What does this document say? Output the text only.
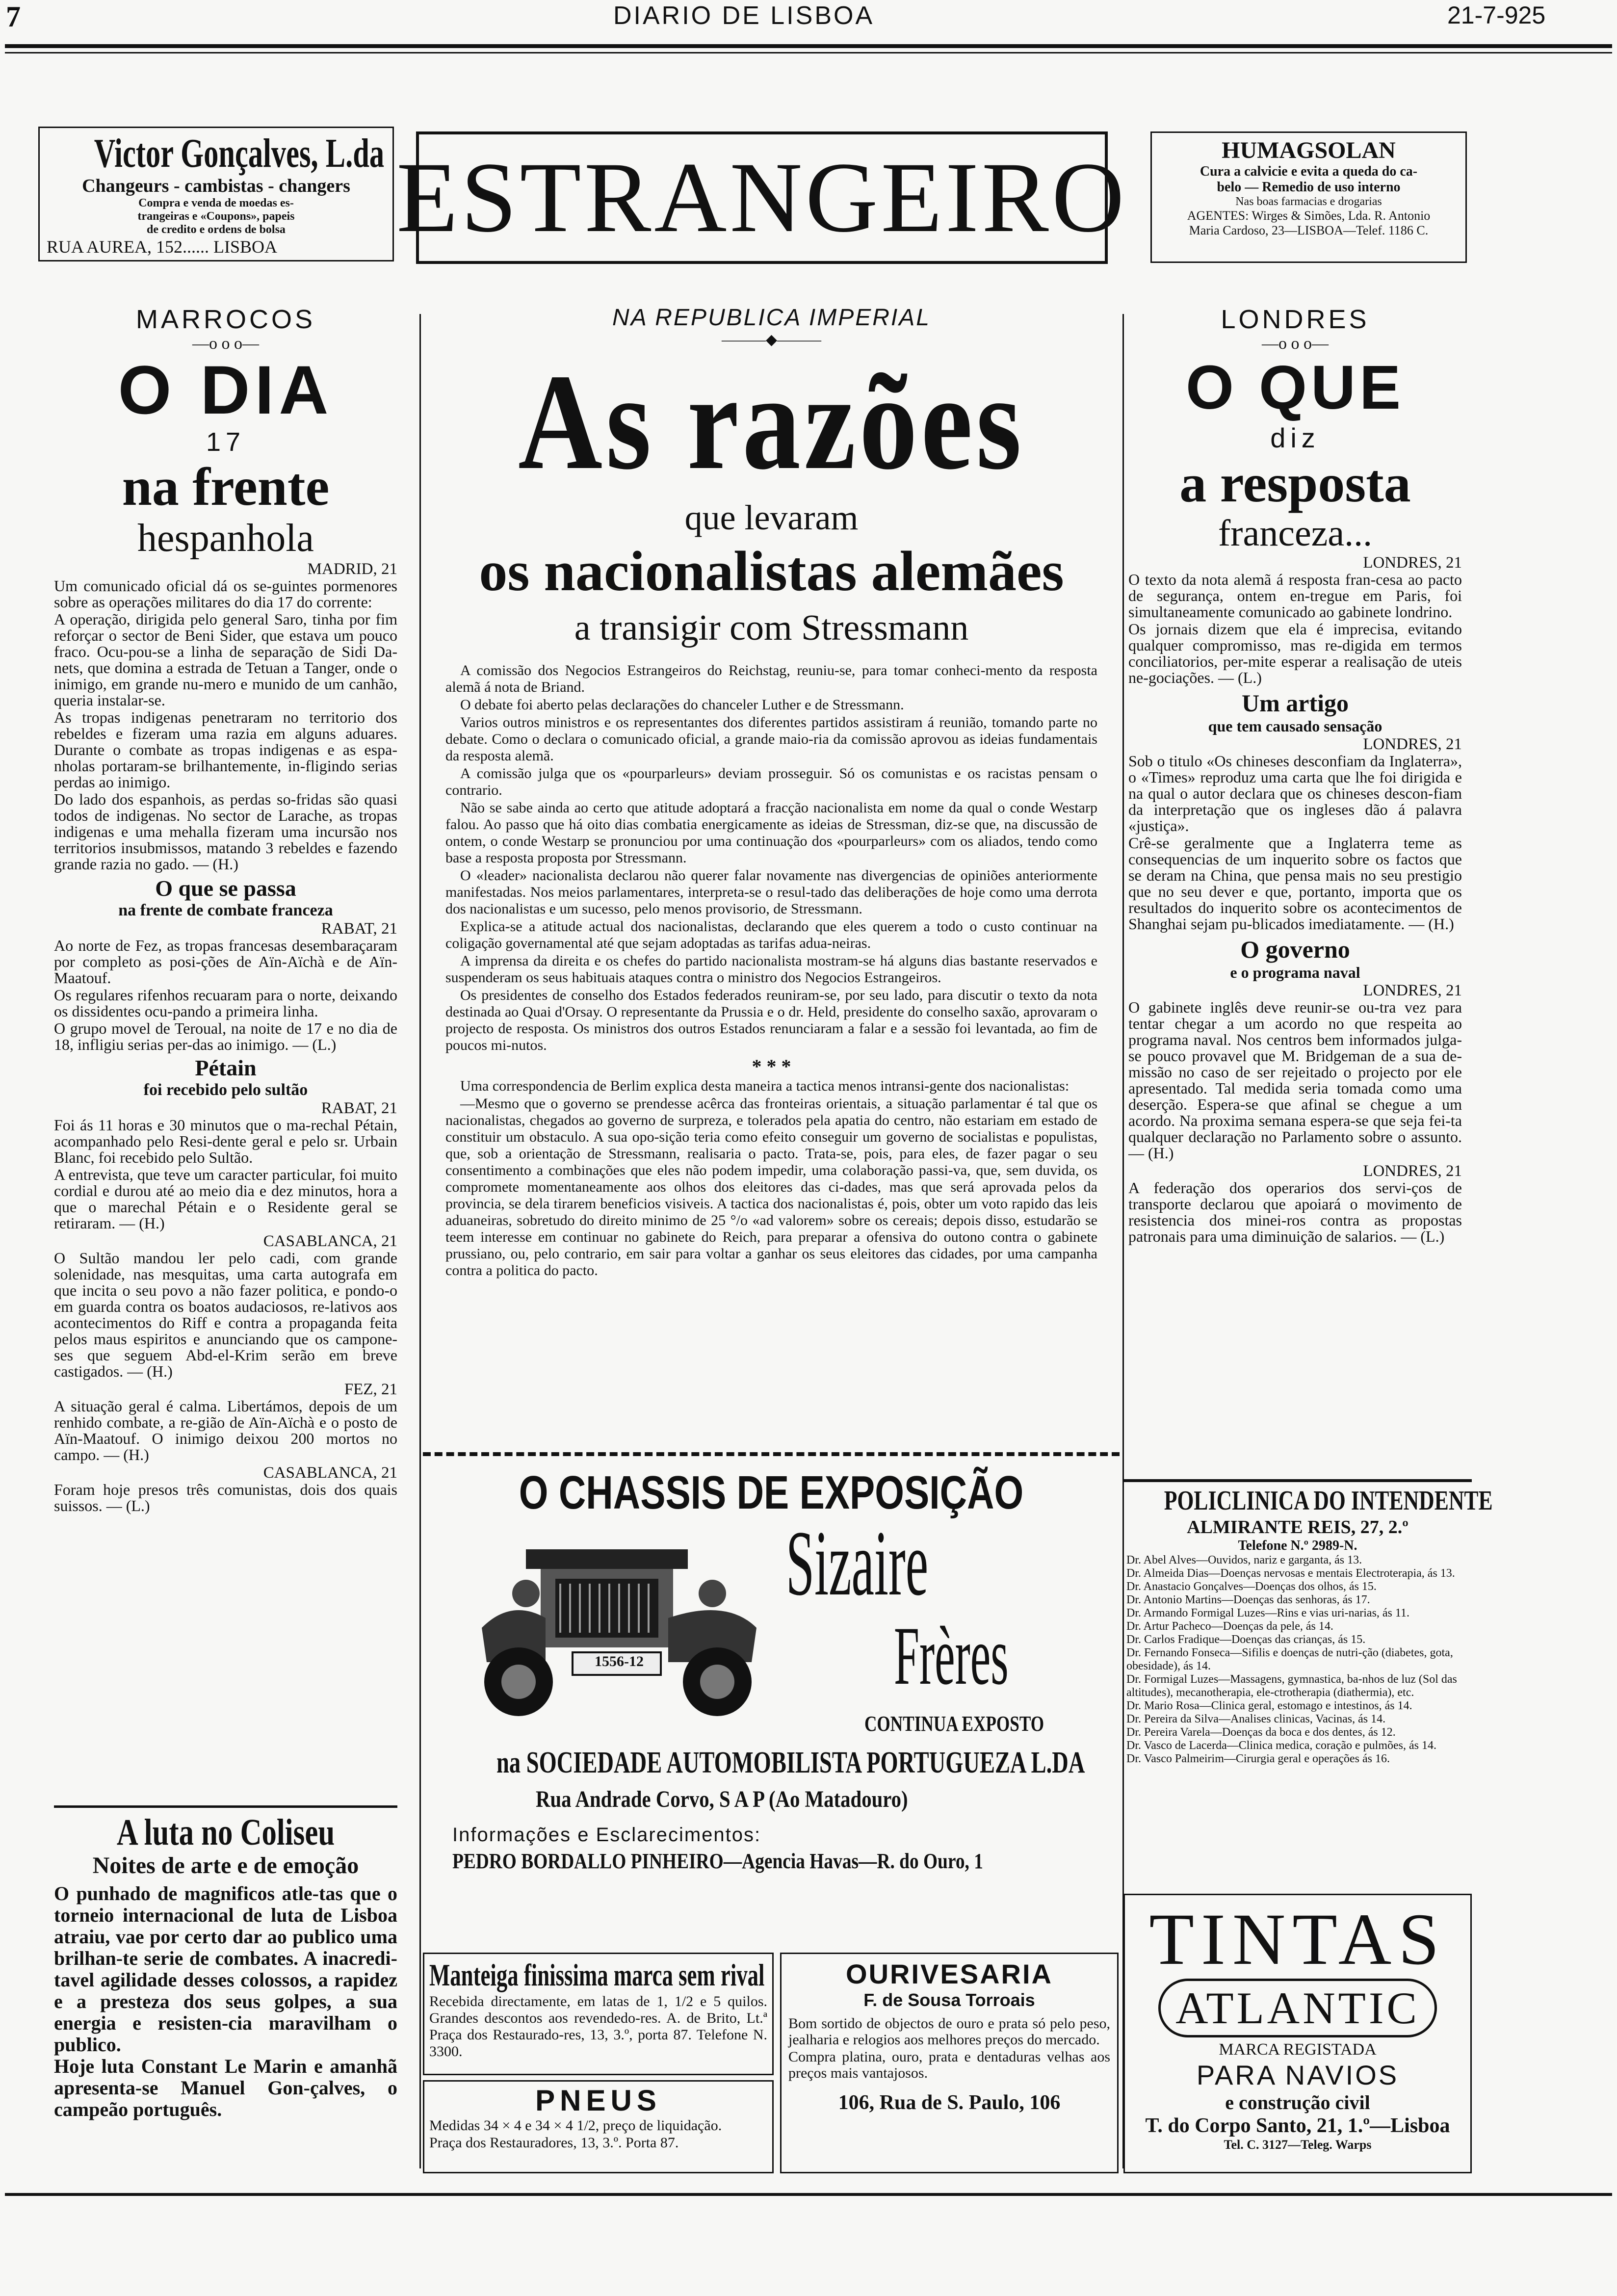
7	DIARIO DE LISBOA	21-7-925
Victor Gonçalves, L.da
Changeurs - cambistas - changers
Compra e venda de moedas es-
trangeiras e «Coupons», papeis
de credito e ordens de bolsa
RUA AUREA, 152...... LISBOA	ESTRANGEIRO	HUMAGSOLAN
Cura a calvicie e evita a queda do ca-
belo — Remedio de uso interno
Nas boas farmacias e drogarias
AGENTES: Wirges & Simões, Lda. R. Antonio
Maria Cardoso, 23—LISBOA—Telef. 1186 C.
MARROCOS
—o o o—
O DIA
17
na frente
hespanhola
MADRID, 21

Um comunicado oficial dá os se-guintes pormenores sobre as operações militares do dia 17 do corrente:

A operação, dirigida pelo general Saro, tinha por fim reforçar o sector de Beni Sider, que estava um pouco fraco. Ocu-pou-se a linha de separação de Sidi Da-nets, que domina a estrada de Tetuan a Tanger, onde o inimigo, em grande nu-mero e munido de um canhão, queria instalar-se.

As tropas indigenas penetraram no territorio dos rebeldes e fizeram uma razia em alguns aduares. Durante o combate as tropas indigenas e as espa-nholas portaram-se brilhantemente, in-fligindo serias perdas ao inimigo.

Do lado dos espanhois, as perdas so-fridas são quasi todos de indigenas. No sector de Larache, as tropas indigenas e uma mehalla fizeram uma incursão nos territorios insubmissos, matando 3 rebeldes e fazendo grande razia no gado. — (H.)

O que se passa
na frente de combate franceza
RABAT, 21

Ao norte de Fez, as tropas francesas desembaraçaram por completo as posi-ções de Aïn-Aïchà e de Aïn-Maatouf.

Os regulares rifenhos recuaram para o norte, deixando os dissidentes ocu-pando a primeira linha.

O grupo movel de Teroual, na noite de 17 e no dia de 18, infligiu serias per-das ao inimigo. — (L.)

Pétain
foi recebido pelo sultão
RABAT, 21

Foi ás 11 horas e 30 minutos que o ma-rechal Pétain, acompanhado pelo Resi-dente geral e pelo sr. Urbain Blanc, foi recebido pelo Sultão.

A entrevista, que teve um caracter particular, foi muito cordial e durou até ao meio dia e dez minutos, hora a que o marechal Pétain e o Residente geral se retiraram. — (H.)

CASABLANCA, 21

O Sultão mandou ler pelo cadi, com grande solenidade, nas mesquitas, uma carta autografa em que incita o seu povo a não fazer politica, e pondo-o em guarda contra os boatos audaciosos, re-lativos aos acontecimentos do Riff e contra a propaganda feita pelos maus espiritos e anunciando que os campone-ses que seguem Abd-el-Krim serão em breve castigados. — (H.)

FEZ, 21

A situação geral é calma. Libertámos, depois de um renhido combate, a re-gião de Aïn-Aïchà e o posto de Aïn-Maatouf. O inimigo deixou 200 mortos no campo. — (H.)

CASABLANCA, 21

Foram hoje presos três comunistas, dois dos quais suissos. — (L.)

A luta no Coliseu
Noites de arte e de emoção

O punhado de magnificos atle-tas que o torneio internacional de luta de Lisboa atraiu, vae por certo dar ao publico uma brilhan-te serie de combates. A inacredi-tavel agilidade desses colossos, a rapidez e a presteza dos seus golpes, a sua energia e resisten-cia maravilham o publico.

Hoje luta Constant Le Marin e amanhã apresenta-se Manuel Gon-çalves, o campeão português.

NA REPUBLICA IMPERIAL
———◆———
As razões
que levaram
os nacionalistas alemães
a transigir com Stressmann

A comissão dos Negocios Estrangeiros do Reichstag, reuniu-se, para tomar conheci-mento da resposta alemã á nota de Briand.

O debate foi aberto pelas declarações do chanceler Luther e de Stressmann.

Varios outros ministros e os representantes dos diferentes partidos assistiram á reunião, tomando parte no debate. Como o declara o comunicado oficial, a grande maio-ria da comissão aprovou as ideias fundamentais da resposta alemã.

A comissão julga que os «pourparleurs» deviam prosseguir. Só os comunistas e os racistas pensam o contrario.

Não se sabe ainda ao certo que atitude adoptará a fracção nacionalista em nome da qual o conde Westarp falou. Ao passo que há oito dias combatia energicamente as ideias de Stressman, diz-se que, na discussão de ontem, o conde Westarp se pronunciou por uma continuação dos «pourparleurs» com os aliados, tendo como base a resposta proposta por Stressmann.

O «leader» nacionalista declarou não querer falar novamente nas divergencias de opiniões anteriormente manifestadas. Nos meios parlamentares, interpreta-se o resul-tado das deliberações de hoje como uma derrota dos nacionalistas e um sucesso, pelo menos provisorio, de Stressmann.

Explica-se a atitude actual dos nacionalistas, declarando que eles querem a todo o custo continuar na coligação governamental até que sejam adoptadas as tarifas adua-neiras.

A imprensa da direita e os chefes do partido nacionalista mostram-se há alguns dias bastante reservados e suspenderam os seus habituais ataques contra o ministro dos Negocios Estrangeiros.

Os presidentes de conselho dos Estados federados reuniram-se, por seu lado, para discutir o texto da nota destinada ao Quai d'Orsay. O representante da Prussia e o dr. Held, presidente do conselho saxão, aprovaram o projecto de resposta. Os ministros dos outros Estados renunciaram a falar e a sessão foi levantada, ao fim de poucos mi-nutos.

* * *

Uma correspondencia de Berlim explica desta maneira a tactica menos intransi-gente dos nacionalistas:

—Mesmo que o governo se prendesse acêrca das fronteiras orientais, a situação parlamentar é tal que os nacionalistas, chegados ao governo de surpreza, e tolerados pela apatia do centro, não estariam em estado de constituir um obstaculo. A sua opo-sição teria como efeito conseguir um governo de socialistas e populistas, que, sob a orientação de Stressmann, realisaria o pacto. Trata-se, pois, para eles, de fazer pagar o seu consentimento a combinações que eles não podem impedir, uma colaboração passi-va, que, sem duvida, os compromete momentaneamente aos olhos dos eleitores das ci-dades, mas que será aprovada pelos da provincia, se dela tirarem beneficios visiveis. A tactica dos nacionalistas é, pois, obter um voto rapido das leis aduaneiras, sobretudo do direito minimo de 25 °/o «ad valorem» sobre os cereais; depois disso, estudarão se teem interesse em continuar no gabinete do Reich, para preparar a ofensiva do outono contra o gabinete prussiano, ou, pelo contrario, em sair para voltar a ganhar os seus eleitores das cidades, por uma campanha contra a politica do pacto.

O CHASSIS DE EXPOSIÇÃO
1556-12
Sizaire
Frères
CONTINUA EXPOSTO
na SOCIEDADE AUTOMOBILISTA PORTUGUEZA L.DA
Rua Andrade Corvo, S A P (Ao Matadouro)
Informações e Esclarecimentos:
PEDRO BORDALLO PINHEIRO—Agencia Havas—R. do Ouro, 1
Manteiga finissima marca sem rival

Recebida directamente, em latas de 1, 1/2 e 5 quilos. Grandes descontos aos revendedo-res. A. de Brito, Lt.ª Praça dos Restaurado-res, 13, 3.º, porta 87. Telefone N. 3300.

PNEUS

Medidas 34 × 4 e 34 × 4 1/2, preço de liquidação.

Praça dos Restauradores, 13, 3.º. Porta 87.

OURIVESARIA
F. de Sousa Torroais

Bom sortido de objectos de ouro e prata só pelo peso, jealharia e relogios aos melhores preços do mercado.

Compra platina, ouro, prata e dentaduras velhas aos preços mais vantajosos.

106, Rua de S. Paulo, 106
LONDRES
—o o o—
O QUE
diz
a resposta
franceza...
LONDRES, 21

O texto da nota alemã á resposta fran-cesa ao pacto de segurança, ontem en-tregue em Paris, foi simultaneamente comunicado ao gabinete londrino.

Os jornais dizem que ela é imprecisa, evitando qualquer compromisso, mas re-digida em termos conciliatorios, per-mite esperar a realisação de uteis ne-gociações. — (L.)

Um artigo
que tem causado sensação
LONDRES, 21

Sob o titulo «Os chineses desconfiam da Inglaterra», o «Times» reproduz uma carta que lhe foi dirigida e na qual o autor declara que os chineses descon-fiam da interpretação que os ingleses dão á palavra «justiça».

Crê-se geralmente que a Inglaterra teme as consequencias de um inquerito sobre os factos que se deram na China, que pensa mais no seu prestigio que no seu dever e que, portanto, importa que os resultados do inquerito sobre os acontecimentos de Shanghai sejam pu-blicados imediatamente. — (H.)

O governo
e o programa naval
LONDRES, 21

O gabinete inglês deve reunir-se ou-tra vez para tentar chegar a um acordo no que respeita ao programa naval. Nos centros bem informados julga-se pouco provavel que M. Bridgeman de a sua de-missão no caso de ser rejeitado o projecto por ele apresentado. Tal medida seria tomada como uma deserção. Espera-se que afinal se chegue a um acordo. Na proxima semana espera-se que seja fei-ta qualquer declaração no Parlamento sobre o assunto. — (H.)

LONDRES, 21

A federação dos operarios dos servi-ços de transporte declarou que apoiará o movimento de resistencia dos minei-ros contra as propostas patronais para uma diminuição de salarios. — (L.)

POLICLINICA DO INTENDENTE
ALMIRANTE REIS, 27, 2.º
Telefone N.º 2989-N.
Dr. Abel Alves—Ouvidos, nariz e garganta, ás 13.
Dr. Almeida Dias—Doenças nervosas e mentais Electroterapia, ás 13.
Dr. Anastacio Gonçalves—Doenças dos olhos, ás 15.
Dr. Antonio Martins—Doenças das senhoras, ás 17.
Dr. Armando Formigal Luzes—Rins e vias uri-narias, ás 11.
Dr. Artur Pacheco—Doenças da pele, ás 14.
Dr. Carlos Fradique—Doenças das crianças, ás 15.
Dr. Fernando Fonseca—Sifilis e doenças de nutri-ção (diabetes, gota, obesidade), ás 14.
Dr. Formigal Luzes—Massagens, gymnastica, ba-nhos de luz (Sol das altitudes), mecanotherapia, ele-ctrotherapia (diathermia), etc.
Dr. Mario Rosa—Clinica geral, estomago e intestinos, ás 14.
Dr. Pereira da Silva—Analises clinicas, Vacinas, ás 14.
Dr. Pereira Varela—Doenças da boca e dos dentes, ás 12.
Dr. Vasco de Lacerda—Clinica medica, coração e pulmões, ás 14.
Dr. Vasco Palmeirim—Cirurgia geral e operações ás 16.
TINTAS
ATLANTIC
MARCA REGISTADA
PARA NAVIOS
e construção civil
T. do Corpo Santo, 21, 1.º—Lisboa
Tel. C. 3127—Teleg. Warps
